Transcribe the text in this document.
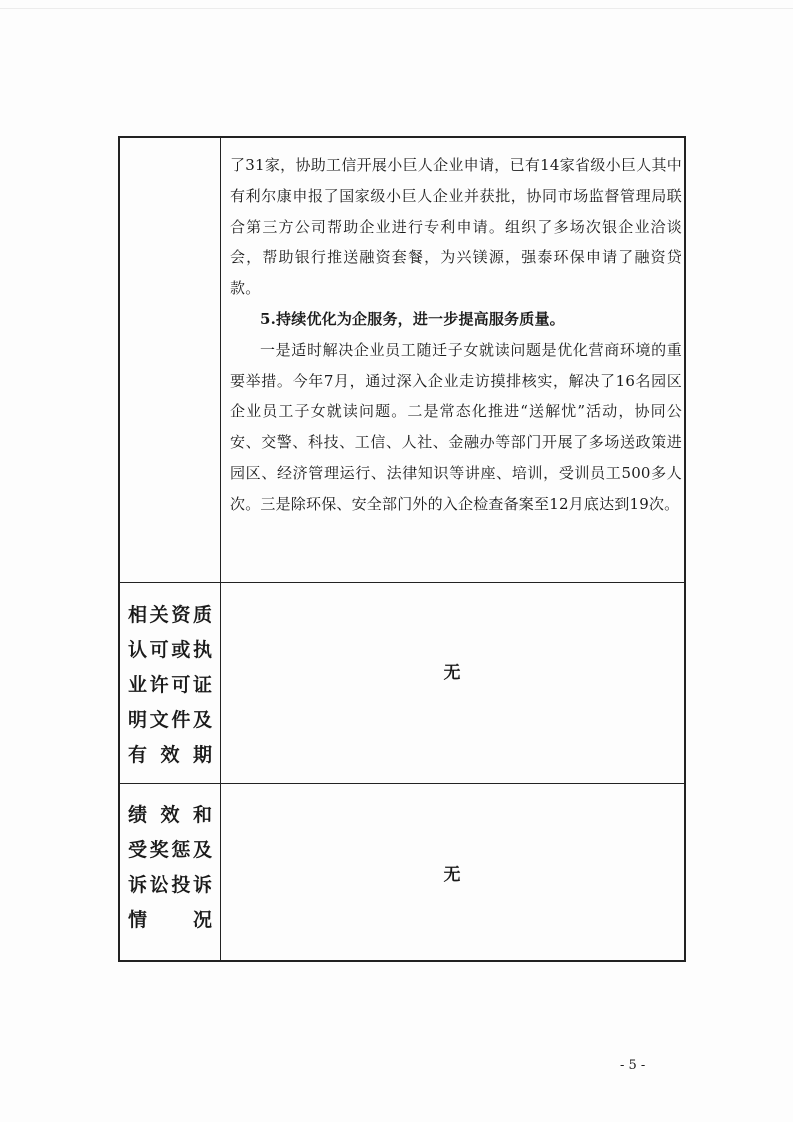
了31家，协助工信开展小巨人企业申请，已有14家省级小巨人其中有利尔康申报了国家级小巨人企业并获批，协同市场监督管理局联合第三方公司帮助企业进行专利申请。组织了多场次银企业洽谈会，帮助银行推送融资套餐，为兴镁源，强泰环保申请了融资贷款。

5.持续优化为企服务，进一步提高服务质量。

一是适时解决企业员工随迁子女就读问题是优化营商环境的重要举措。今年7月，通过深入企业走访摸排核实，解决了16名园区企业员工子女就读问题。二是常态化推进“送解忧”活动，协同公安、交警、科技、工信、人社、金融办等部门开展了多场送政策进园区、经济管理运行、法律知识等讲座、培训，受训员工500多人次。三是除环保、安全部门外的入企检查备案至12月底达到19次。

相 关 资 质
认 可 或 执
业 许 可 证
明 文 件 及
有 效 期
无
绩 效 和
受 奖 惩 及
诉 讼 投 诉
情 况
无
- 5 -
